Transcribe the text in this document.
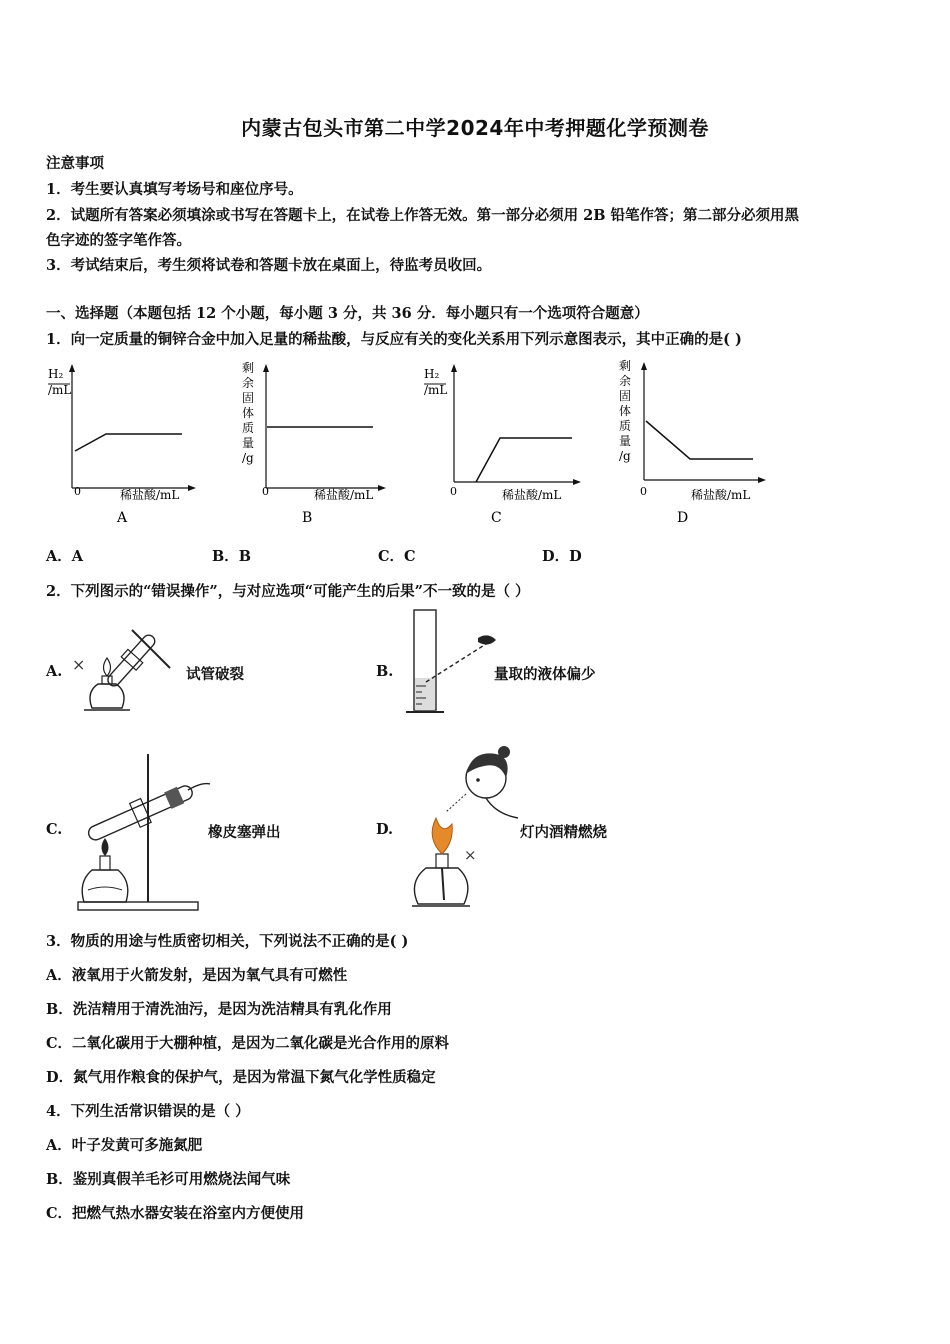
内蒙古包头市第二中学2024年中考押题化学预测卷
注意事项
1．考生要认真填写考场号和座位序号。
2．试题所有答案必须填涂或书写在答题卡上，在试卷上作答无效。第一部分必须用 2B 铅笔作答；第二部分必须用黑
色字迹的签字笔作答。
3．考试结束后，考生须将试卷和答题卡放在桌面上，待监考员收回。
一、选择题（本题包括 12 个小题，每小题 3 分，共 36 分．每小题只有一个选项符合题意）
1．向一定质量的铜锌合金中加入足量的稀盐酸，与反应有关的变化关系用下列示意图表示，其中正确的是( )
H₂
/mL
0	稀盐酸/mL
A
剩
余
固
体
质
量
/g
0	稀盐酸/mL
B
H₂
/mL
0	稀盐酸/mL
C
剩
余
固
体
质
量
/g
0	稀盐酸/mL
D
A．A	B．B	C．C	D．D
2．下列图示的“错误操作”，与对应选项“可能产生的后果”不一致的是（ ）
A. ×
试管破裂	B.	量取的液体偏少
C.	橡皮塞弹出	D.
×
灯内酒精燃烧
3．物质的用途与性质密切相关，下列说法不正确的是( )
A．液氧用于火箭发射，是因为氧气具有可燃性
B．洗洁精用于清洗油污，是因为洗洁精具有乳化作用
C．二氧化碳用于大棚种植，是因为二氧化碳是光合作用的原料
D．氮气用作粮食的保护气，是因为常温下氮气化学性质稳定
4．下列生活常识错误的是（ ）
A．叶子发黄可多施氮肥
B．鉴别真假羊毛衫可用燃烧法闻气味
C．把燃气热水器安装在浴室内方便使用
